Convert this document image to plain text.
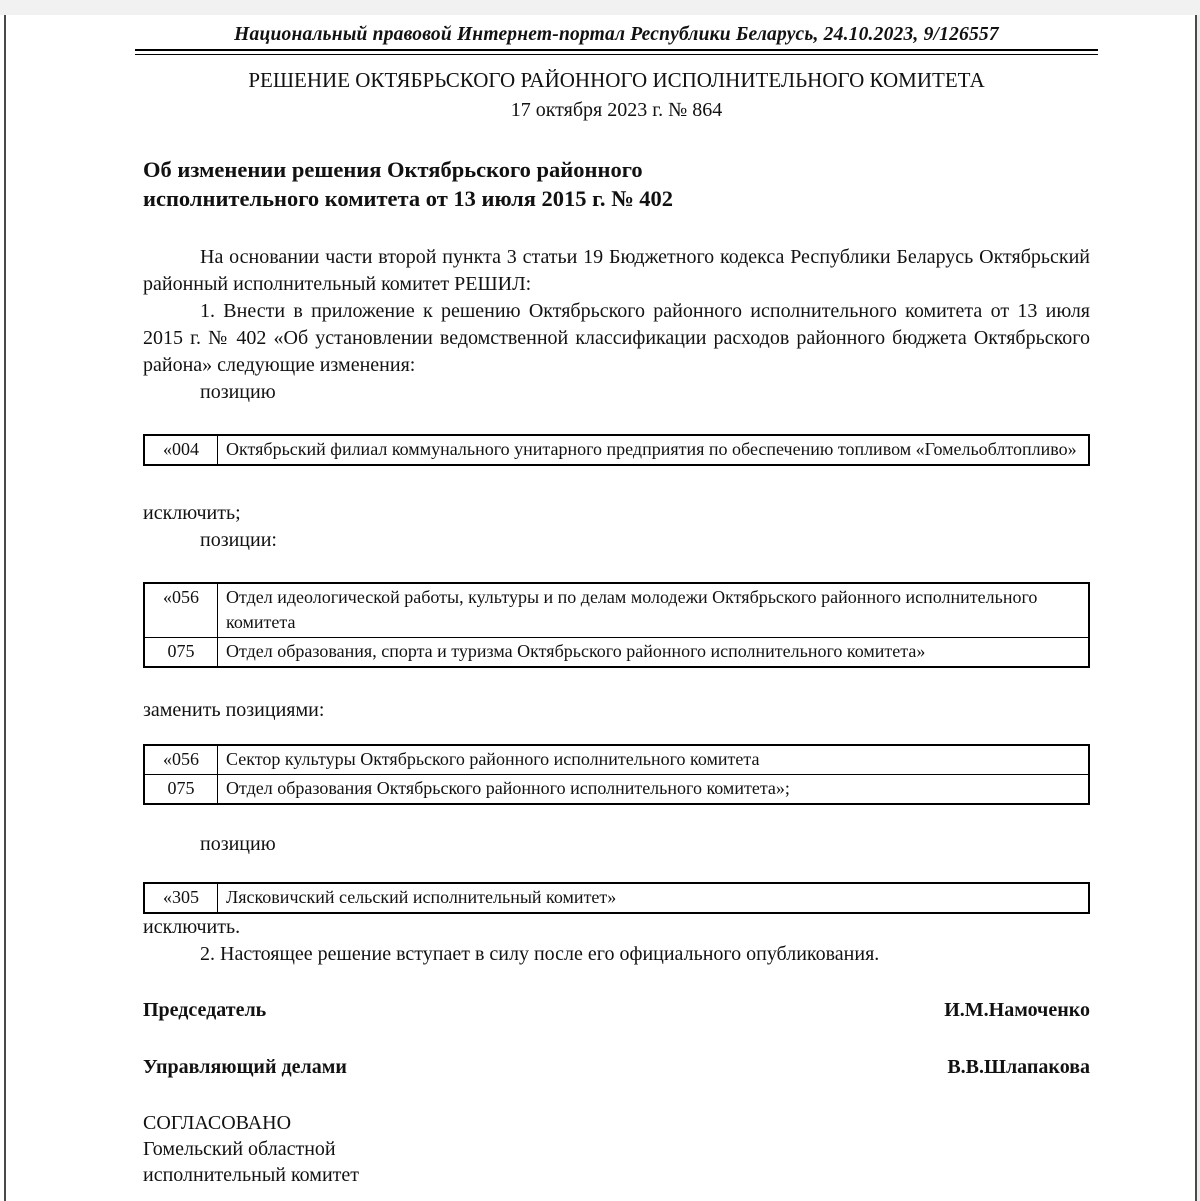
Национальный правовой Интернет-портал Республики Беларусь, 24.10.2023, 9/126557
РЕШЕНИЕ ОКТЯБРЬСКОГО РАЙОННОГО ИСПОЛНИТЕЛЬНОГО КОМИТЕТА
17 октября 2023 г. № 864
Об изменении решения Октябрьского районного
исполнительного комитета от 13 июля 2015 г. № 402

На основании части второй пункта 3 статьи 19 Бюджетного кодекса Республики Беларусь Октябрьский районный исполнительный комитет РЕШИЛ:

1. Внести в приложение к решению Октябрьского районного исполнительного комитета от 13 июля 2015 г. № 402 «Об установлении ведомственной классификации расходов районного бюджета Октябрьского района» следующие изменения:

позицию

«004	Октябрьский филиал коммунального унитарного предприятия по обеспечению топливом «Гомельоблтопливо»

исключить;

позиции:

«056	Отдел идеологической работы, культуры и по делам молодежи Октябрьского районного исполнительного комитета
075	Отдел образования, спорта и туризма Октябрьского районного исполнительного комитета»

заменить позициями:

«056	Сектор культуры Октябрьского районного исполнительного комитета
075	Отдел образования Октябрьского районного исполнительного комитета»;

позицию

«305	Лясковичский сельский исполнительный комитет»

исключить.

2. Настоящее решение вступает в силу после его официального опубликования.

Председатель	И.М.Намоченко
Управляющий делами	В.В.Шлапакова
СОГЛАСОВАНО
Гомельский областной
исполнительный комитет
